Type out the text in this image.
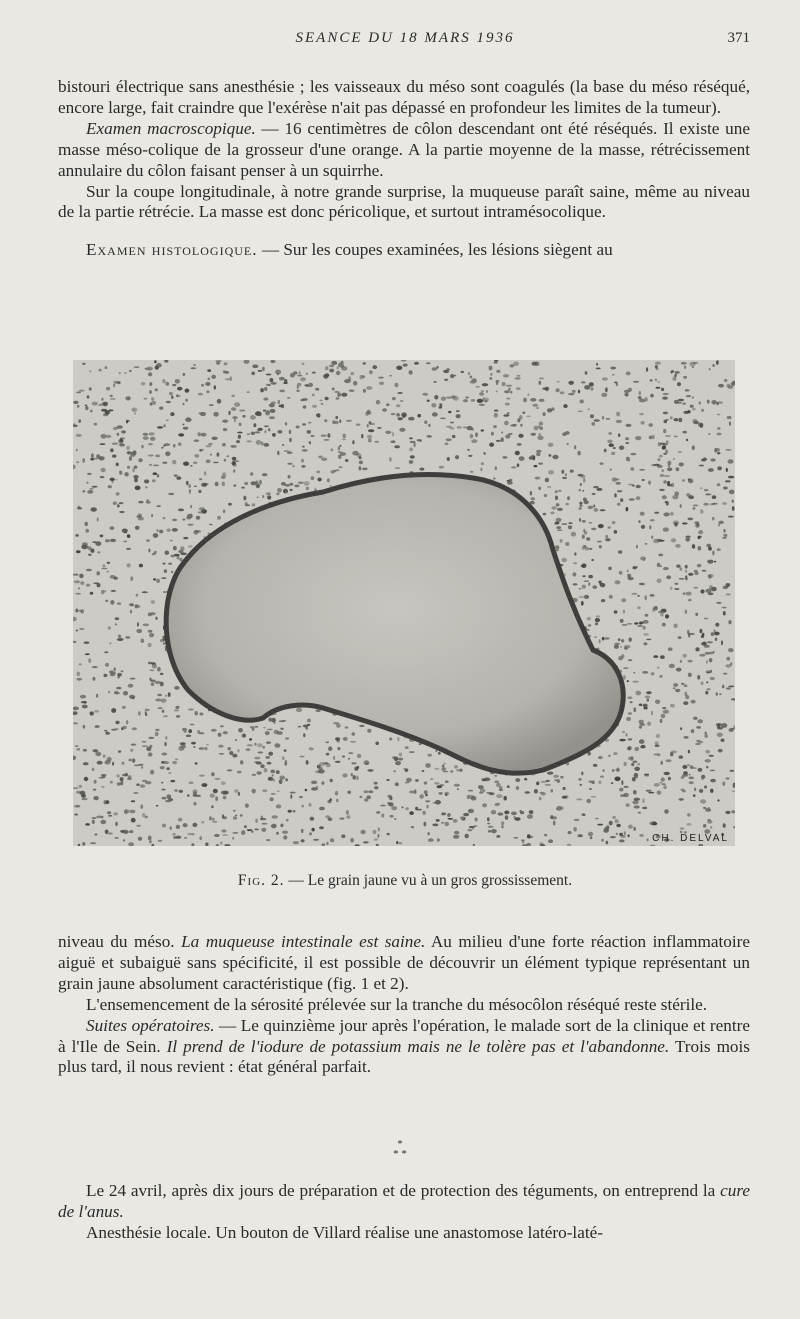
SEANCE DU 18 MARS 1936	371

bistouri électrique sans anesthésie ; les vaisseaux du méso sont coagulés (la base du méso réséqué, encore large, fait craindre que l'exérèse n'ait pas dépassé en profondeur les limites de la tumeur).

Examen macroscopique. — 16 centimètres de côlon descendant ont été réséqués. Il existe une masse méso-colique de la grosseur d'une orange. A la partie moyenne de la masse, rétrécissement annulaire du côlon faisant penser à un squirrhe.

Sur la coupe longitudinale, à notre grande surprise, la muqueuse paraît saine, même au niveau de la partie rétrécie. La masse est donc péricolique, et surtout intramésocolique.

Examen histologique. — Sur les coupes examinées, les lésions siègent au

CH. DELVAL
Fig. 2. — Le grain jaune vu à un gros grossissement.

niveau du méso. La muqueuse intestinale est saine. Au milieu d'une forte réaction inflammatoire aiguë et subaiguë sans spécificité, il est possible de découvrir un élément typique représentant un grain jaune absolument caractéristique (fig. 1 et 2).

L'ensemencement de la sérosité prélevée sur la tranche du mésocôlon réséqué reste stérile.

Suites opératoires. — Le quinzième jour après l'opération, le malade sort de la clinique et rentre à l'Ile de Sein. Il prend de l'iodure de potassium mais ne le tolère pas et l'abandonne. Trois mois plus tard, il nous revient : état général parfait.

*
* *

Le 24 avril, après dix jours de préparation et de protection des téguments, on entreprend la cure de l'anus.

Anesthésie locale. Un bouton de Villard réalise une anastomose latéro-laté-
